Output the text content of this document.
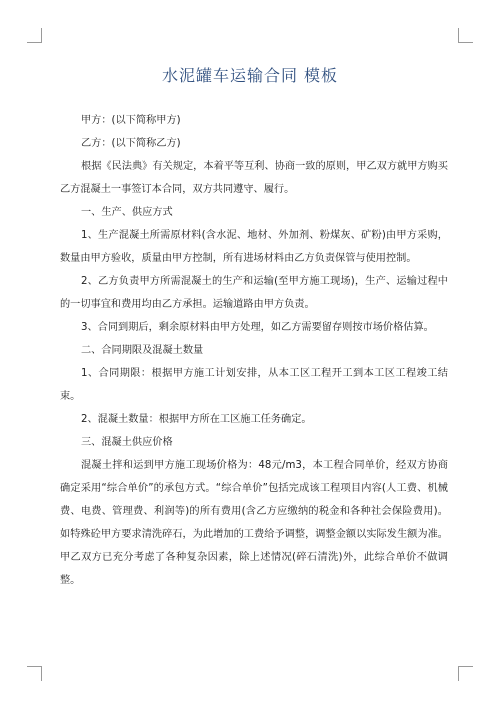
水泥罐车运输合同 模板

甲方：(以下简称甲方)

乙方：(以下简称乙方)

根据《民法典》有关规定，本着平等互利、协商一致的原则，甲乙双方就甲方购买乙方混凝土一事签订本合同，双方共同遵守、履行。

一、生产、供应方式

1、生产混凝土所需原材料(含水泥、地材、外加剂、粉煤灰、矿粉)由甲方采购，数量由甲方验收，质量由甲方控制，所有进场材料由乙方负责保管与使用控制。

2、乙方负责甲方所需混凝土的生产和运输(至甲方施工现场)，生产、运输过程中的一切事宜和费用均由乙方承担。运输道路由甲方负责。

3、合同到期后，剩余原材料由甲方处理，如乙方需要留存则按市场价格估算。

二、合同期限及混凝土数量

1、合同期限：根据甲方施工计划安排，从本工区工程开工到本工区工程竣工结束。

2、混凝土数量：根据甲方所在工区施工任务确定。

三、混凝土供应价格

混凝土拌和运到甲方施工现场价格为：48元/m3，本工程合同单价，经双方协商确定采用“综合单价”的承包方式。“综合单价”包括完成该工程项目内容(人工费、机械费、电费、管理费、利润等)的所有费用(含乙方应缴纳的税金和各种社会保险费用)。如特殊砼甲方要求清洗碎石，为此增加的工费给予调整，调整金额以实际发生额为准。甲乙双方已充分考虑了各种复杂因素，除上述情况(碎石清洗)外，此综合单价不做调整。
